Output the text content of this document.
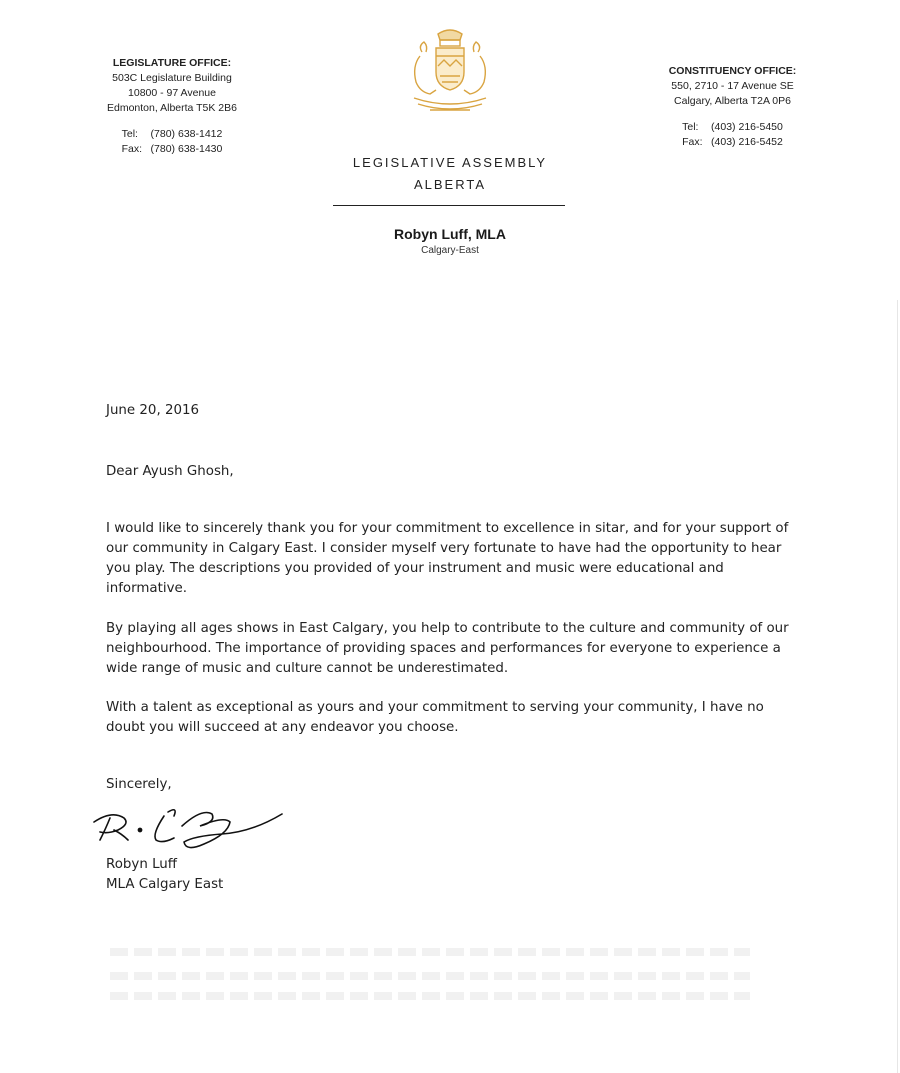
LEGISLATURE OFFICE:
503C Legislature Building
10800 - 97 Avenue
Edmonton, Alberta T5K 2B6
Tel: (780) 638-1412
Fax: (780) 638-1430
CONSTITUENCY OFFICE:
550, 2710 - 17 Avenue SE
Calgary, Alberta T2A 0P6
Tel: (403) 216-5450
Fax: (403) 216-5452
LEGISLATIVE ASSEMBLY
ALBERTA
Robyn Luff, MLA
Calgary-East
June 20, 2016
Dear Ayush Ghosh,
I would like to sincerely thank you for your commitment to excellence in sitar, and for your support of our community in Calgary East. I consider myself very fortunate to have had the opportunity to hear you play. The descriptions you provided of your instrument and music were educational and informative.
By playing all ages shows in East Calgary, you help to contribute to the culture and community of our neighbourhood. The importance of providing spaces and performances for everyone to experience a wide range of music and culture cannot be underestimated.
With a talent as exceptional as yours and your commitment to serving your community, I have no doubt you will succeed at any endeavor you choose.
Sincerely,
Robyn Luff
MLA Calgary East
